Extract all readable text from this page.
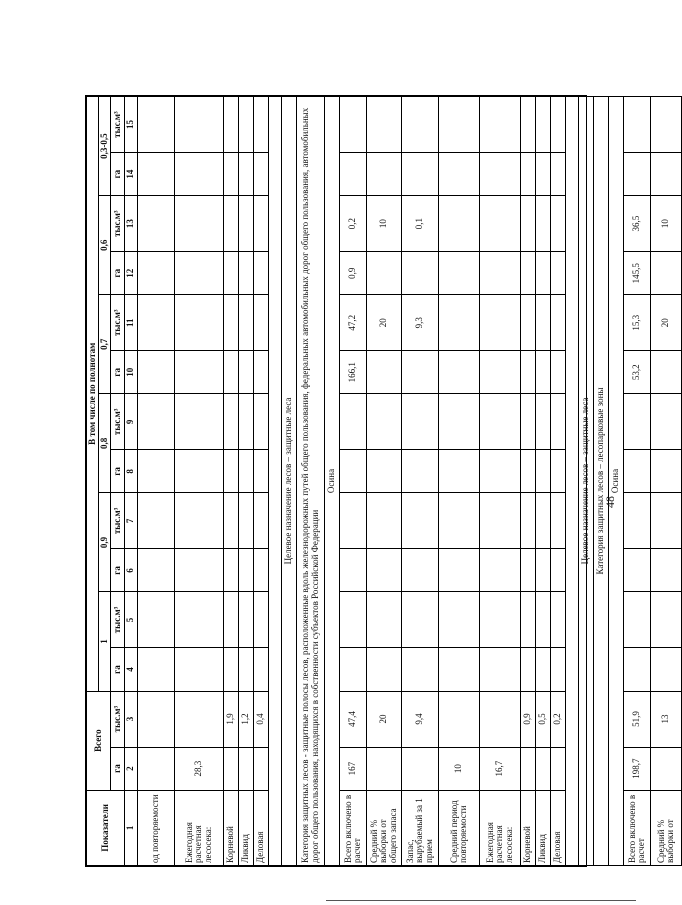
Показатели	Всего		В том числе по полнотам											
			1		0,9		0,8		0,7		0,6		0,3-0,5	
	га	тыс.м³	га	тыс.м³	га	тыс.м³	га	тыс.м³	га	тыс.м³	га	тыс.м³	га	тыс.м³
1	2	3	4	5	6	7	8	9	10	11	12	13	14	15
од повторяемости														
Ежегодная расчетная лесосека:	28,3													
Корневой		1,9												
Ликвид		1,2												
Деловая		0,4												

Целевое назначение лесов – защитные леса														
Категория защитных лесов - защитные полосы лесов, расположенные вдоль железнодорожных путей общего пользования, федеральных автомобильных дорог общего пользования, автомобильных дорог общего пользования, находящихся в собственности субъектов Российской Федерации														
Осина														
Всего включено в расчет	167	47,4							166,1	47,2	0,9	0,2		
Средний % выборки от общего запаса		20								20		10		
Запас, вырубаемый за 1 прием		9,4								9,3		0,1		
Средний период повторяемости	10													
Ежегодная расчетная лесосека:	16,7													
Корневой		0,9												
Ликвид		0,5												
Деловая		0,2												

Целевое назначение лесов – защитные леса														
Категория защитных лесов – лесопарковые зоны														
Осина														
Всего включено в расчет	198,7	51,9							53,2	15,3	145,5	36,5		
Средний % выборки от		13								20		10		
48
